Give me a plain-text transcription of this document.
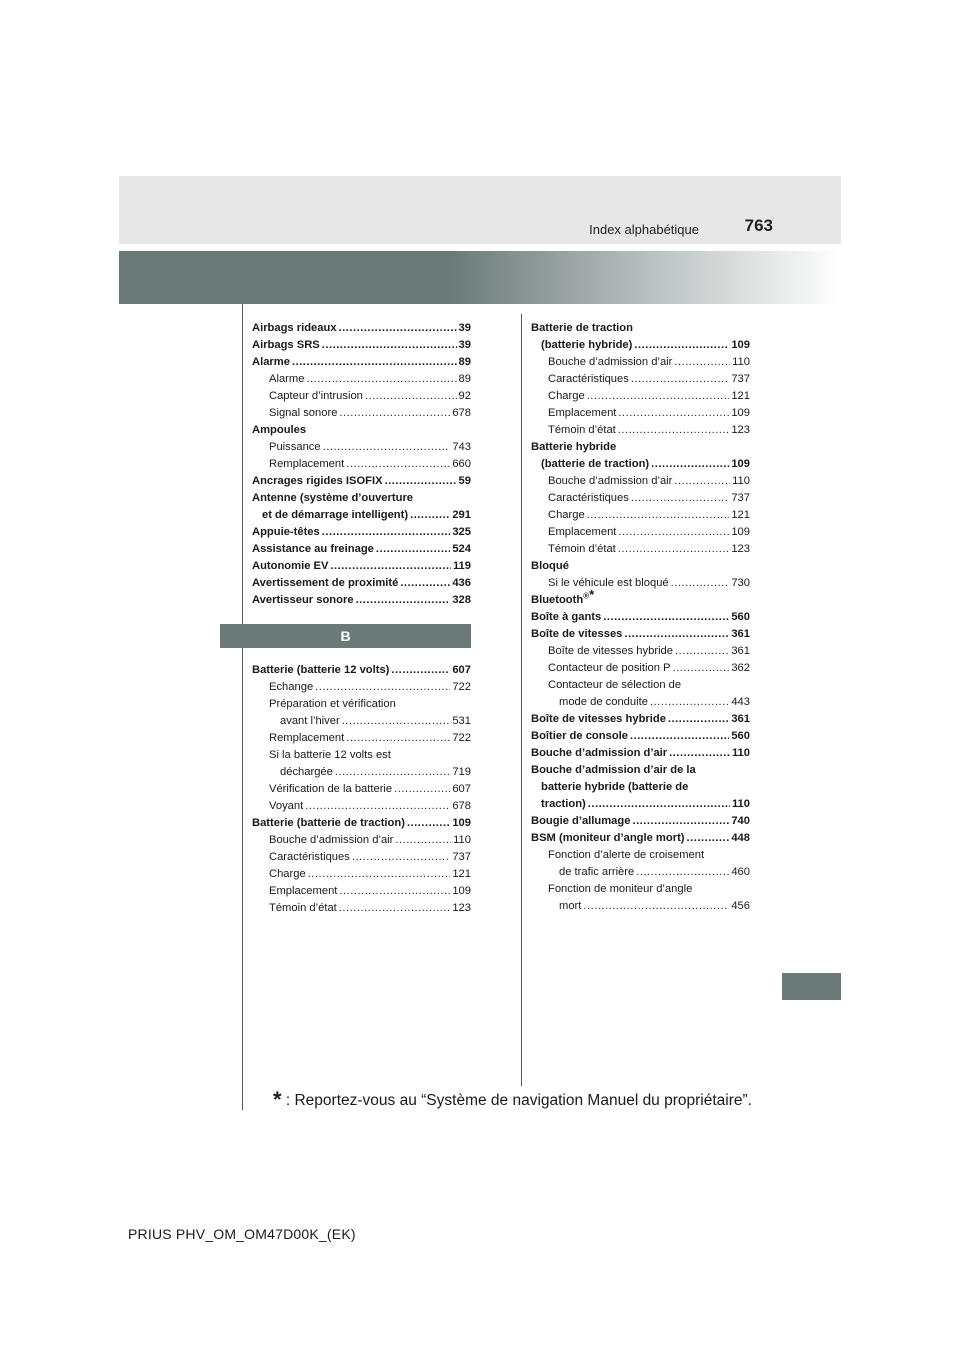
Index alphabétique	763
Airbags rideaux .....	39
Airbags SRS .....	39
Alarme .....	89
Alarme .....	89
Capteur d’intrusion .....	92
Signal sonore .....	678
Ampoules
Puissance .....	743
Remplacement .....	660
Ancrages rigides ISOFIX .....	59
Antenne (système d’ouverture
et de démarrage intelligent) .....	291
Appuie-têtes .....	325
Assistance au freinage .....	524
Autonomie EV .....	119
Avertissement de proximité .....	436
Avertisseur sonore .....	328
B
Batterie (batterie 12 volts) .....	607
Echange .....	722
Préparation et vérification
avant l’hiver .....	531
Remplacement .....	722
Si la batterie 12 volts est
déchargée .....	719
Vérification de la batterie .....	607
Voyant .....	678
Batterie (batterie de traction) .....	109
Bouche d’admission d’air .....	110
Caractéristiques .....	737
Charge .....	121
Emplacement .....	109
Témoin d’état .....	123
Batterie de traction
(batterie hybride) .....	109
Bouche d’admission d’air .....	110
Caractéristiques .....	737
Charge .....	121
Emplacement .....	109
Témoin d’état .....	123
Batterie hybride
(batterie de traction) .....	109
Bouche d’admission d’air .....	110
Caractéristiques .....	737
Charge .....	121
Emplacement .....	109
Témoin d’état .....	123
Bloqué
Si le véhicule est bloqué .....	730
Bluetooth®*
Boîte à gants .....	560
Boîte de vitesses .....	361
Boîte de vitesses hybride .....	361
Contacteur de position P .....	362
Contacteur de sélection de
mode de conduite .....	443
Boîte de vitesses hybride .....	361
Boîtier de console .....	560
Bouche d’admission d’air .....	110
Bouche d’admission d’air de la
batterie hybride (batterie de
traction) .....	110
Bougie d’allumage .....	740
BSM (moniteur d’angle mort) .....	448
Fonction d’alerte de croisement
de trafic arrière .....	460
Fonction de moniteur d’angle
mort .....	456
* : Reportez-vous au “Système de navigation Manuel du propriétaire”.
PRIUS PHV_OM_OM47D00K_(EK)
